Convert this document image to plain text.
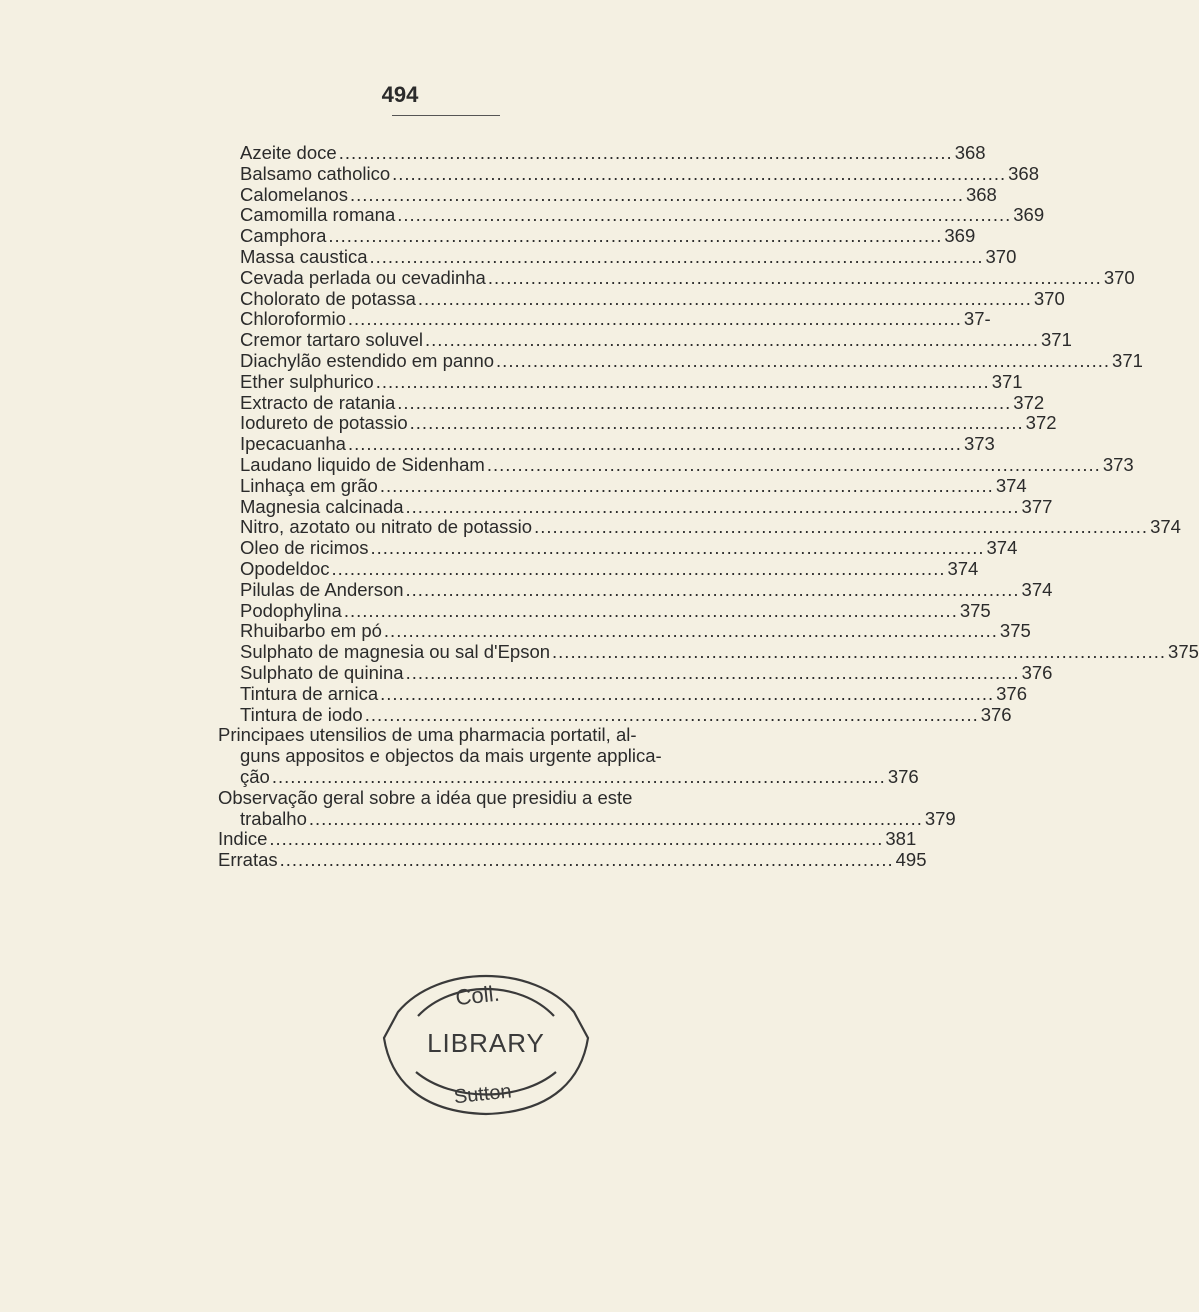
494
Azeite doce .................................................................................................... 368
Balsamo catholico .................................................................................................... 368
Calomelanos .................................................................................................... 368
Camomilla romana .................................................................................................... 369
Camphora .................................................................................................... 369
Massa caustica .................................................................................................... 370
Cevada perlada ou cevadinha .................................................................................................... 370
Cholorato de potassa .................................................................................................... 370
Chloroformio .................................................................................................... 37-
Cremor tartaro soluvel .................................................................................................... 371
Diachylão estendido em panno .................................................................................................... 371
Ether sulphurico .................................................................................................... 371
Extracto de ratania .................................................................................................... 372
Iodureto de potassio .................................................................................................... 372
Ipecacuanha .................................................................................................... 373
Laudano liquido de Sidenham .................................................................................................... 373
Linhaça em grão .................................................................................................... 374
Magnesia calcinada .................................................................................................... 377
Nitro, azotato ou nitrato de potassio .................................................................................................... 374
Oleo de ricimos .................................................................................................... 374
Opodeldoc .................................................................................................... 374
Pilulas de Anderson .................................................................................................... 374
Podophylina .................................................................................................... 375
Rhuibarbo em pó .................................................................................................... 375
Sulphato de magnesia ou sal d'Epson .................................................................................................... 375
Sulphato de quinina .................................................................................................... 376
Tintura de arnica .................................................................................................... 376
Tintura de iodo .................................................................................................... 376
Principaes utensilios de uma pharmacia portatil, al-
guns appositos e objectos da mais urgente applica-
ção .................................................................................................... 376
Observação geral sobre a idéa que presidiu a este
trabalho .................................................................................................... 379
Indice .................................................................................................... 381
Erratas .................................................................................................... 495
Coll.
LIBRARY
Sutton
